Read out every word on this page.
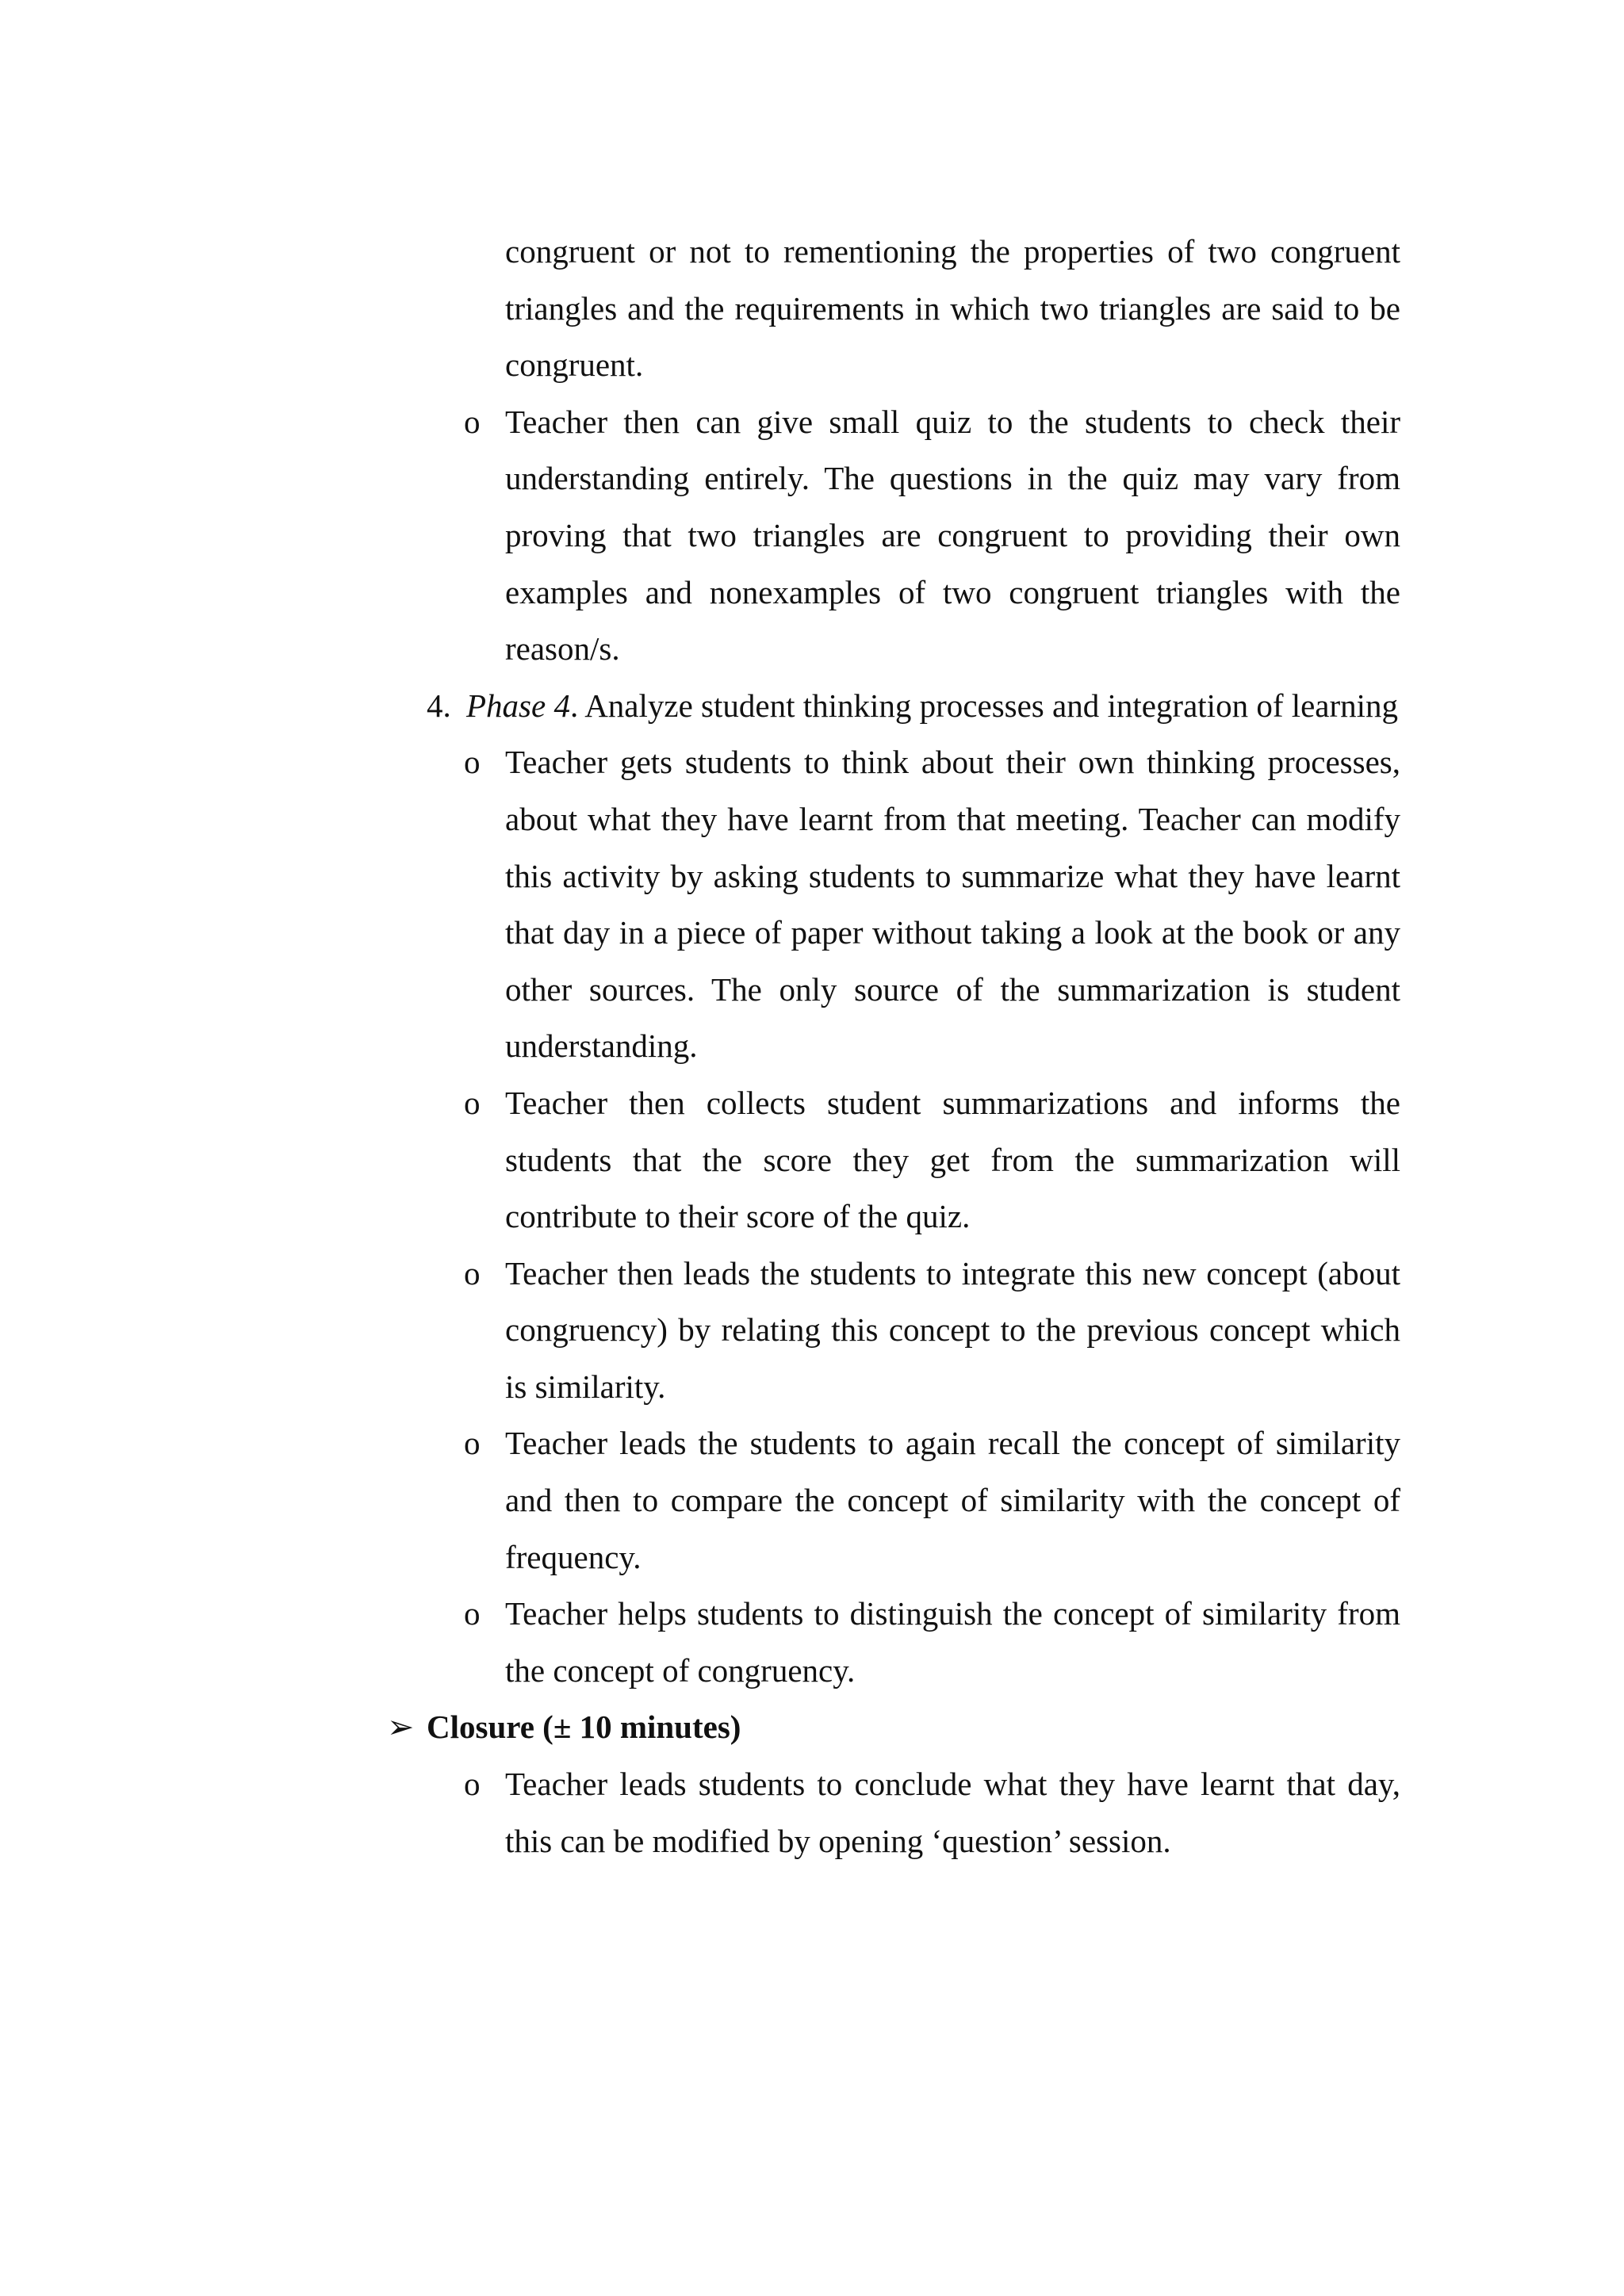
congruent or not to rementioning the properties of two congruent triangles and the requirements in which two triangles are said to be congruent.

o Teacher then can give small quiz to the students to check their understanding entirely. The questions in the quiz may vary from proving that two triangles are congruent to providing their own examples and nonexamples of two congruent triangles with the reason/s.

4. Phase 4. Analyze student thinking processes and integration of learning

o Teacher gets students to think about their own thinking processes, about what they have learnt from that meeting. Teacher can modify this activity by asking students to summarize what they have learnt that day in a piece of paper without taking a look at the book or any other sources. The only source of the summarization is student understanding.

o Teacher then collects student summarizations and informs the students that the score they get from the summarization will contribute to their score of the quiz.

o Teacher then leads the students to integrate this new concept (about congruency) by relating this concept to the previous concept which is similarity.

o Teacher leads the students to again recall the concept of similarity and then to compare the concept of similarity with the concept of frequency.

o Teacher helps students to distinguish the concept of similarity from the concept of congruency.

➢ Closure (± 10 minutes)
o Teacher leads students to conclude what they have learnt that day, this can be modified by opening ‘question’ session.
